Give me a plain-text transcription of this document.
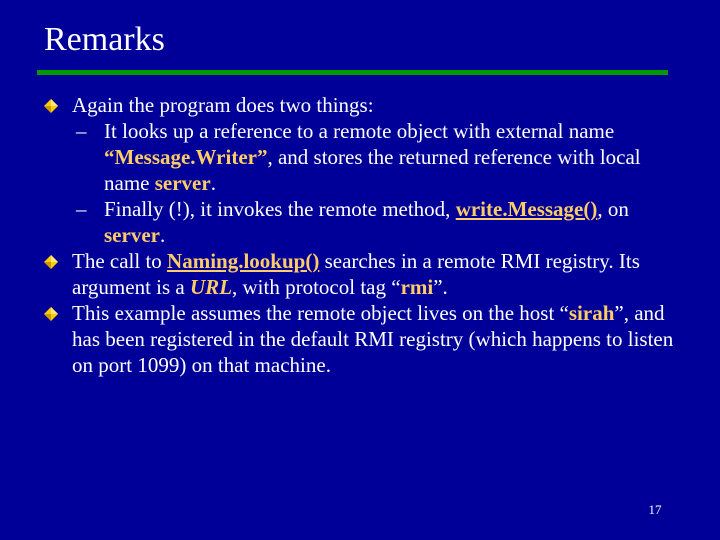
Remarks

Again the program does two things:

– It looks up a reference to a remote object with external name “Message.Writer”, and stores the returned reference with local name server.

– Finally (!), it invokes the remote method, write.Message(), on server.

The call to Naming.lookup() searches in a remote RMI registry. Its argument is a URL, with protocol tag “rmi”.

This example assumes the remote object lives on the host “sirah”, and has been registered in the default RMI registry (which happens to listen on port 1099) on that machine.

17
